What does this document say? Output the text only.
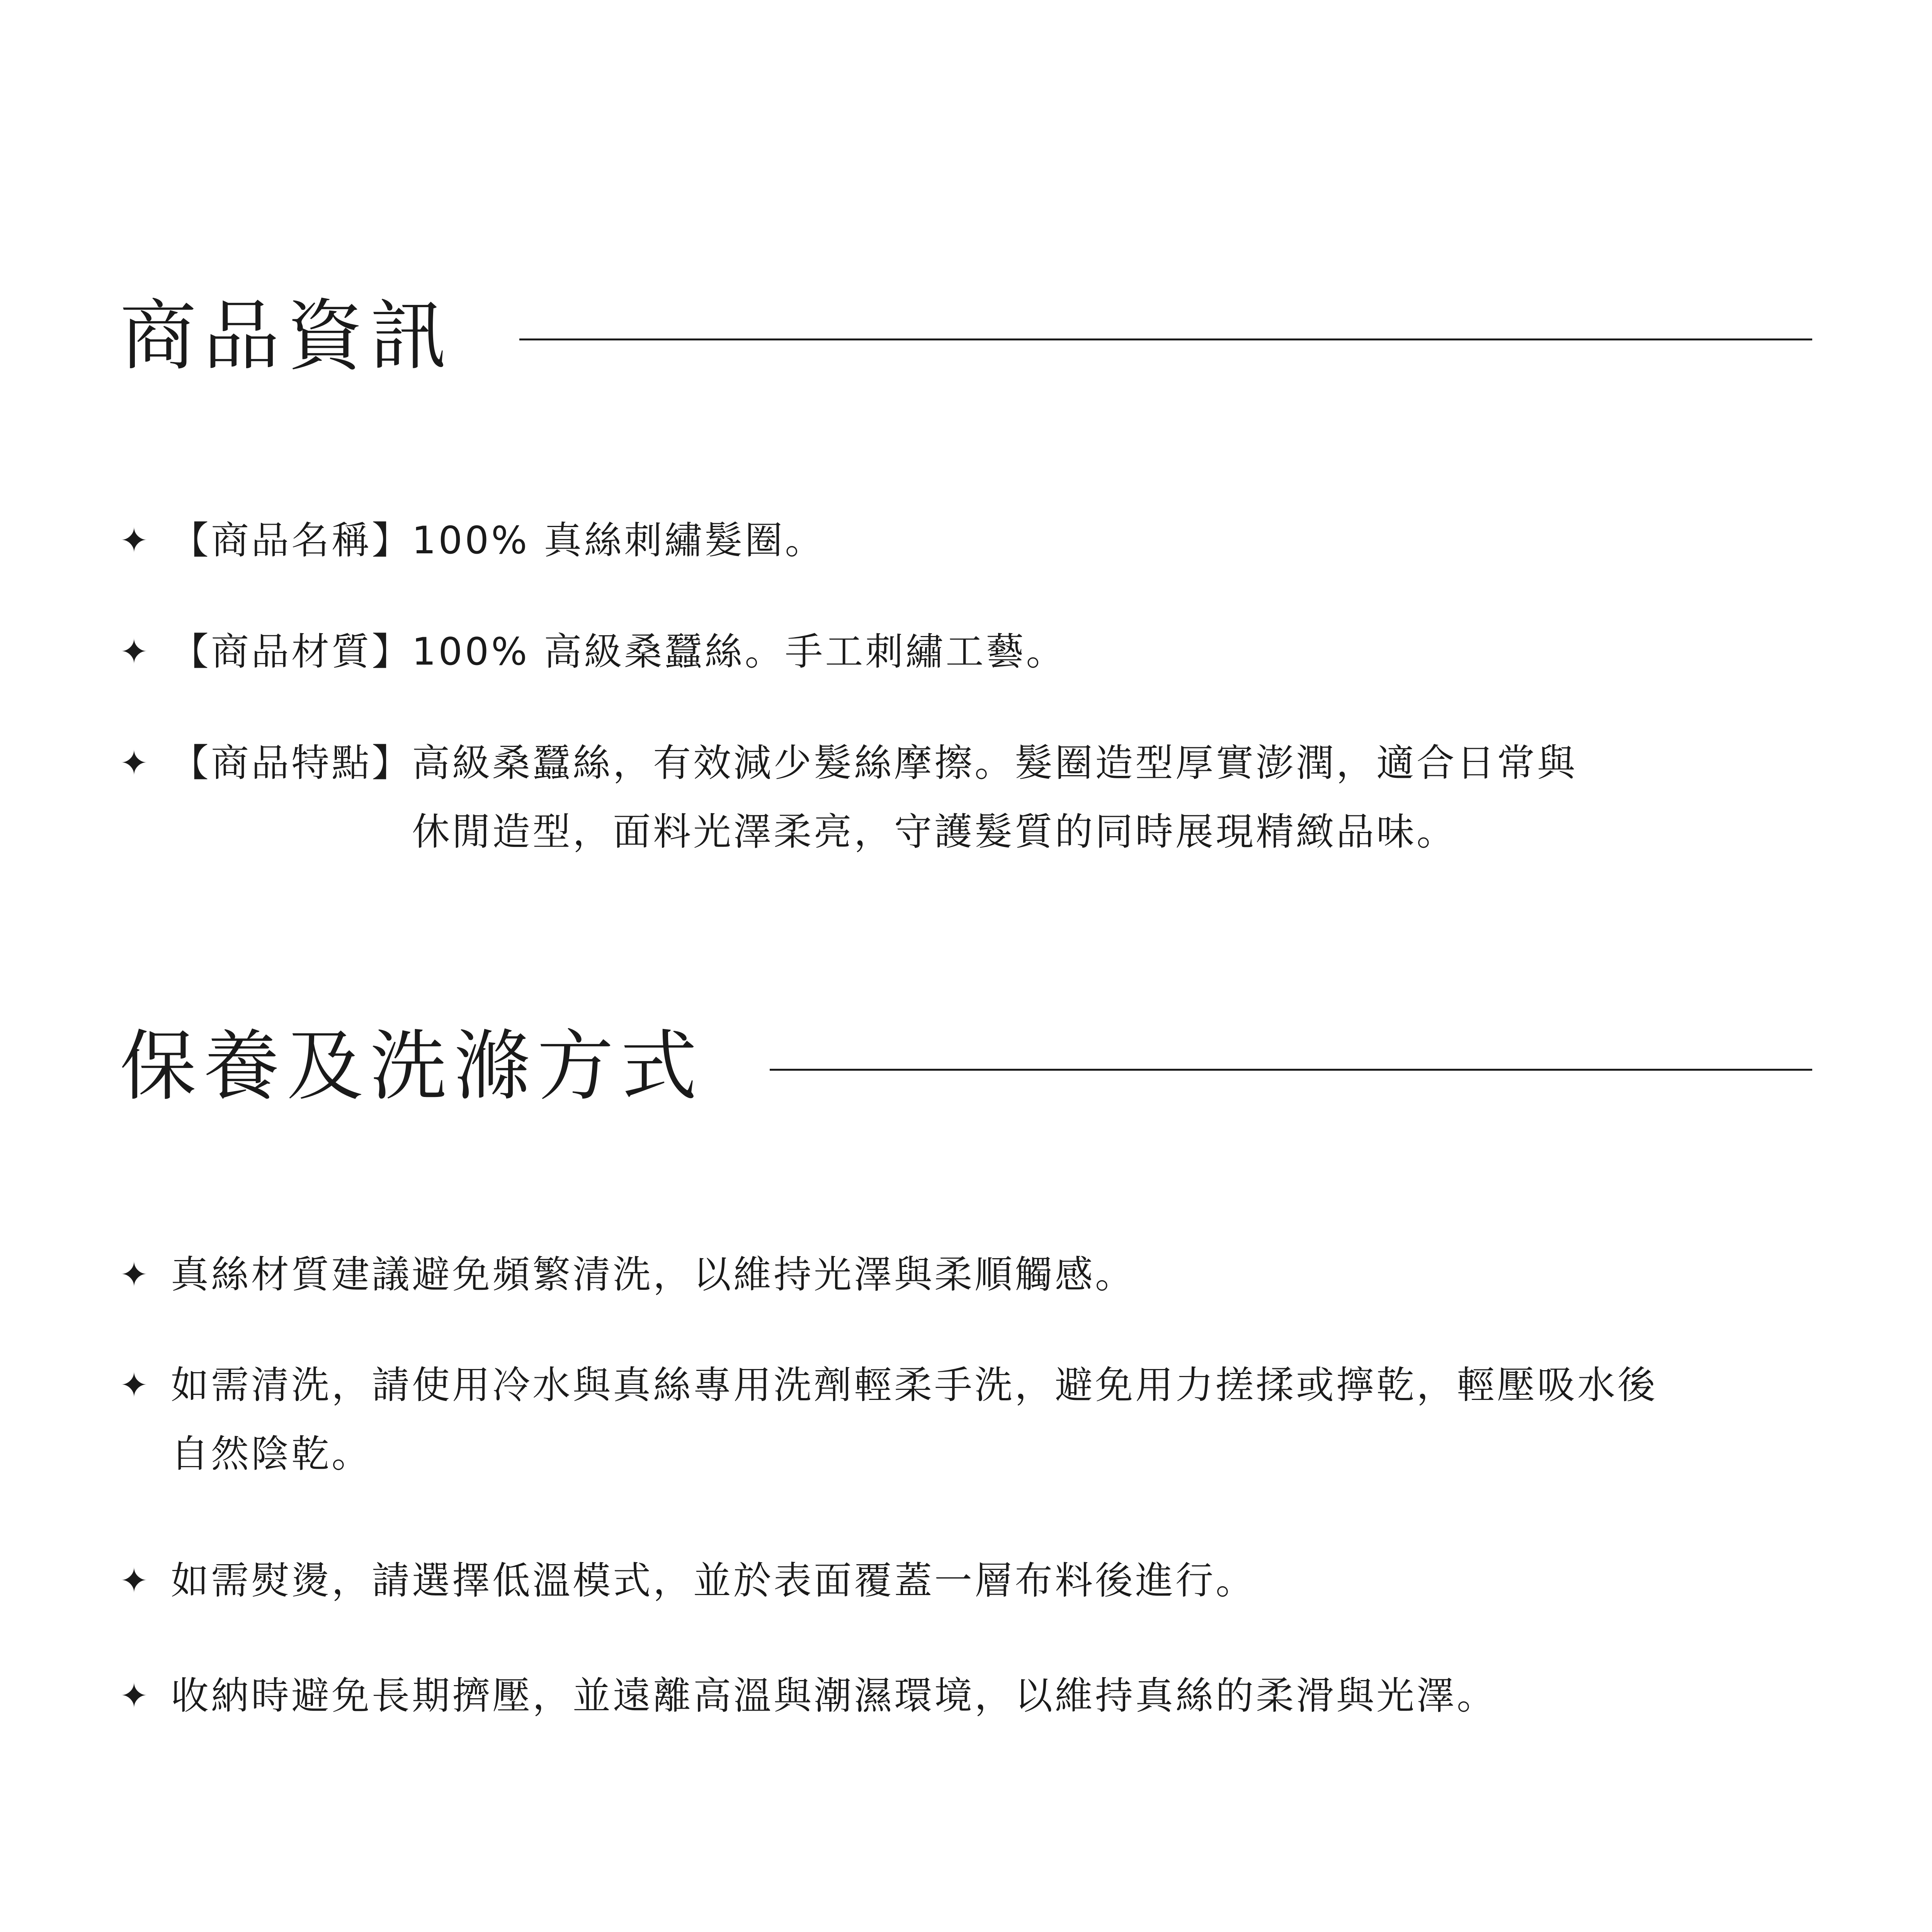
商品資訊
✦ 【商品名稱】 100% 真絲刺繡髮圈。
✦ 【商品材質】 100% 高級桑蠶絲。手工刺繡工藝。
✦ 【商品特點】 高級桑蠶絲，有效減少髮絲摩擦。髮圈造型厚實澎潤，適合日常與
休閒造型，面料光澤柔亮，守護髮質的同時展現精緻品味。
保養及洗滌方式
✦ 真絲材質建議避免頻繁清洗，以維持光澤與柔順觸感。
✦ 如需清洗，請使用冷水與真絲專用洗劑輕柔手洗，避免用力搓揉或擰乾，輕壓吸水後
自然陰乾。
✦ 如需熨燙，請選擇低溫模式，並於表面覆蓋一層布料後進行。
✦ 收納時避免長期擠壓，並遠離高溫與潮濕環境，以維持真絲的柔滑與光澤。
